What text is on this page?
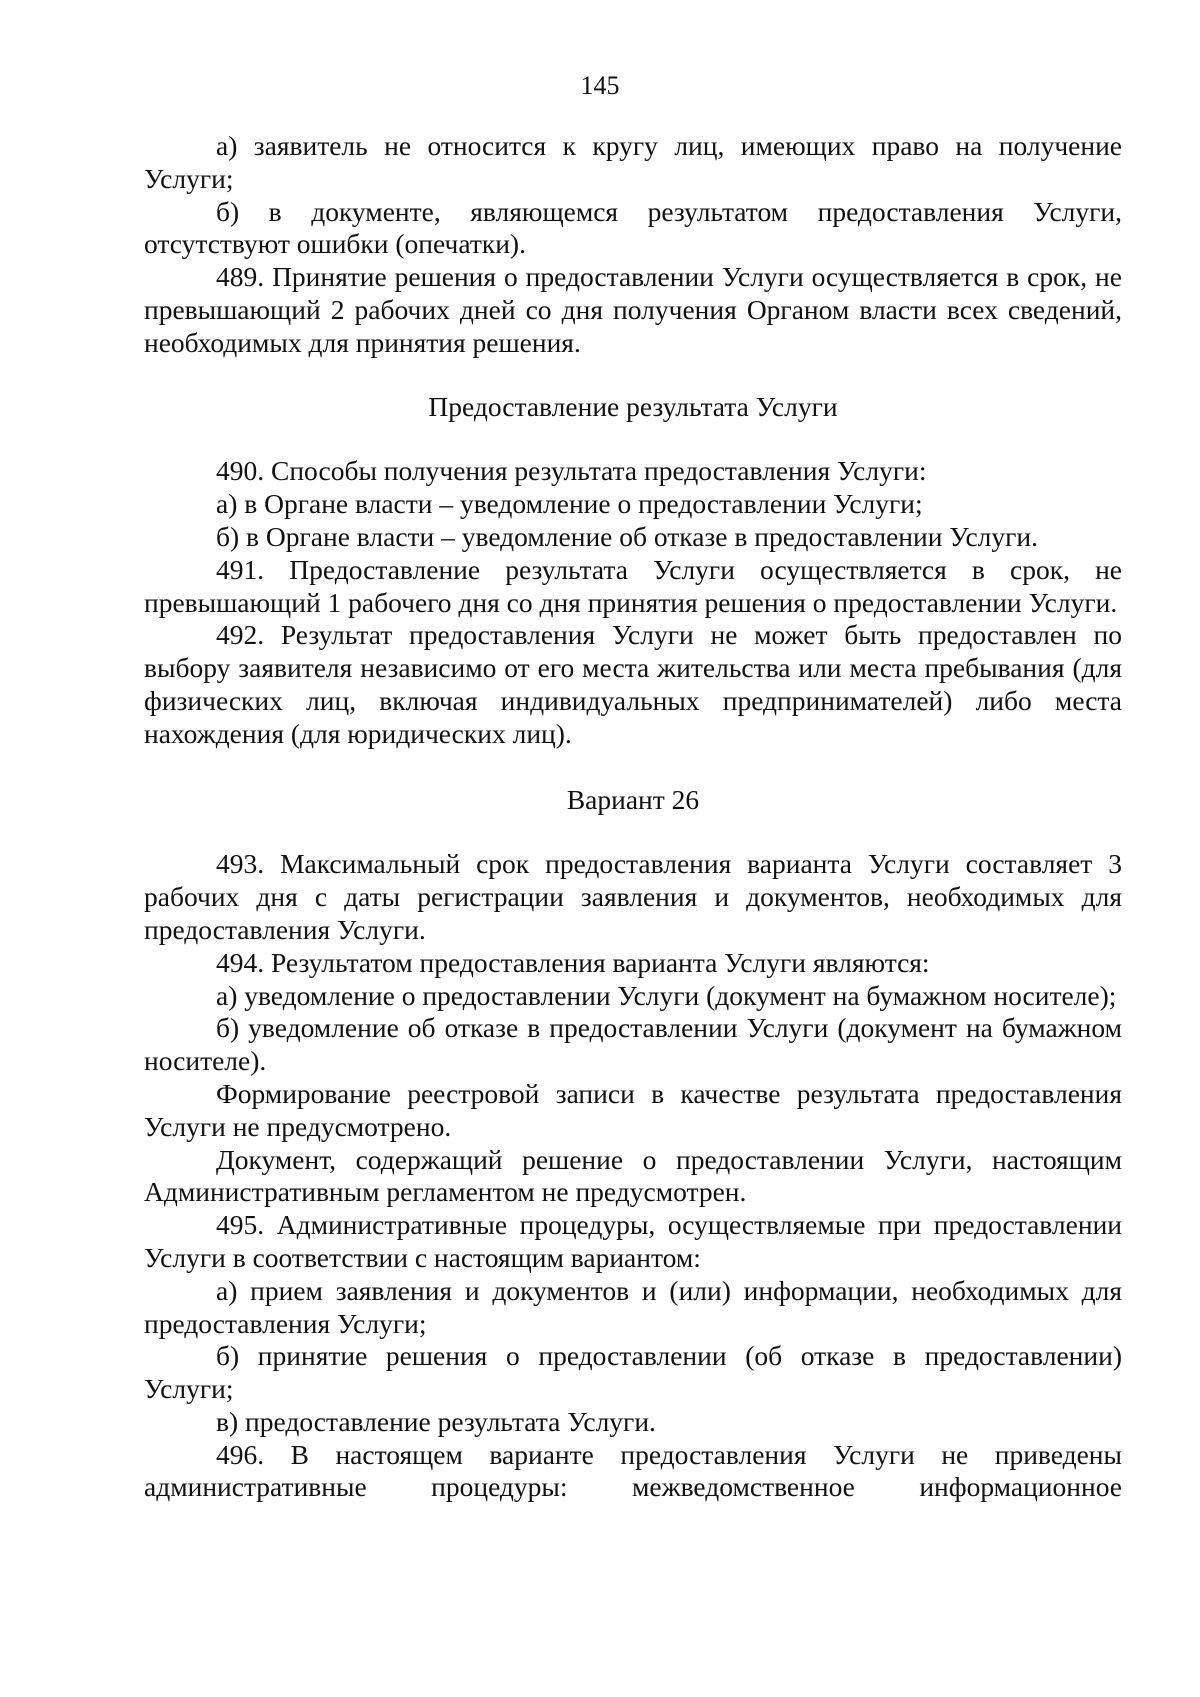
145

а) заявитель не относится к кругу лиц, имеющих право на получение Услуги;

б) в документе, являющемся результатом предоставления Услуги, отсутствуют ошибки (опечатки).

489. Принятие решения о предоставлении Услуги осуществляется в срок, не превышающий 2 рабочих дней со дня получения Органом власти всех сведений, необходимых для принятия решения.

Предоставление результата Услуги

490. Способы получения результата предоставления Услуги:

а) в Органе власти – уведомление о предоставлении Услуги;

б) в Органе власти – уведомление об отказе в предоставлении Услуги.

491. Предоставление результата Услуги осуществляется в срок, не превышающий 1 рабочего дня со дня принятия решения о предоставлении Услуги.

492. Результат предоставления Услуги не может быть предоставлен по выбору заявителя независимо от его места жительства или места пребывания (для физических лиц, включая индивидуальных предпринимателей) либо места нахождения (для юридических лиц).

Вариант 26

493. Максимальный срок предоставления варианта Услуги составляет 3 рабочих дня с даты регистрации заявления и документов, необходимых для предоставления Услуги.

494. Результатом предоставления варианта Услуги являются:

а) уведомление о предоставлении Услуги (документ на бумажном носителе);

б) уведомление об отказе в предоставлении Услуги (документ на бумажном носителе).

Формирование реестровой записи в качестве результата предоставления Услуги не предусмотрено.

Документ, содержащий решение о предоставлении Услуги, настоящим Административным регламентом не предусмотрен.

495. Административные процедуры, осуществляемые при предоставлении Услуги в соответствии с настоящим вариантом:

а) прием заявления и документов и (или) информации, необходимых для предоставления Услуги;

б) принятие решения о предоставлении (об отказе в предоставлении) Услуги;

в) предоставление результата Услуги.

496. В настоящем варианте предоставления Услуги не приведены административные процедуры: межведомственное информационное
